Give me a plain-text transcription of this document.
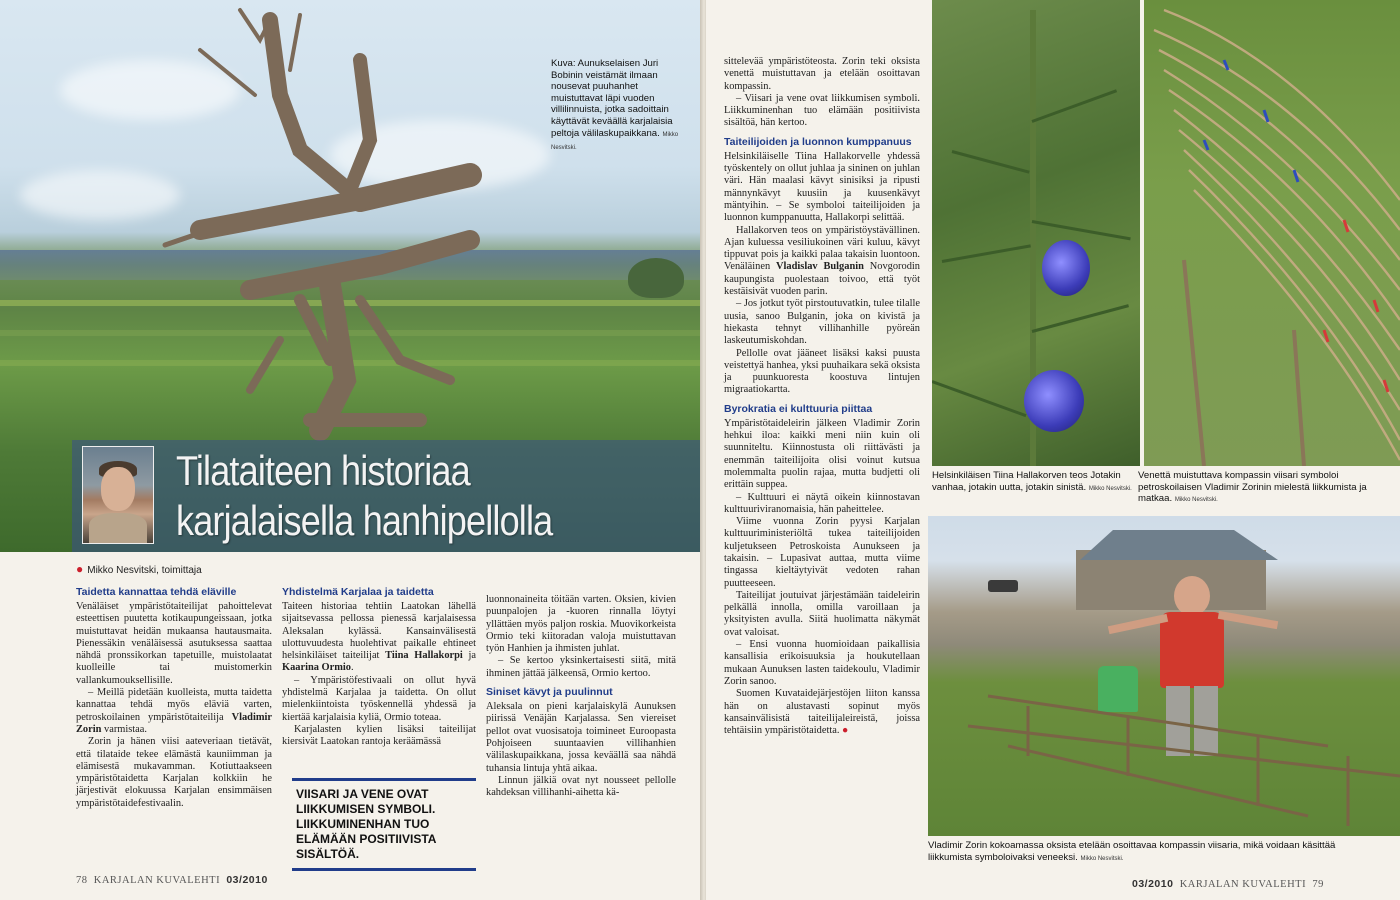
Kuva: Aunukselaisen Juri Bobinin veistämät ilmaan nousevat puuhanhet muistuttavat läpi vuoden villilinnuista, jotka sadoittain käyttävät keväällä karjalaisia peltoja välilaskupaikkana. Mikko Nesvitski.
Tilataiteen historiaa
karjalaisella hanhipellolla
● Mikko Nesvitski, toimittaja
Taidetta kannattaa tehdä eläville

Venäläiset ympäristötaiteilijat pahoittelevat esteettisen puutetta kotikaupungeissaan, jotka muistuttavat heidän mukaansa hautausmaita. Pienessäkin venäläisessä asutuksessa saattaa nähdä pronssikorkan tapetuille, muistolaatat kuolleille tai muistomerkin vallankumouksellisille.

– Meillä pidetään kuolleista, mutta taidetta kannattaa tehdä myös eläviä varten, petroskoilainen ympäristötaiteilija Vladimir Zorin varmistaa.

Zorin ja hänen viisi aateveriaan tietävät, että tilataide tekee elämästä kauniimman ja elämisestä mukavamman. Kotiuttaakseen ympäristötaidetta Karjalan kolkkiin he järjestivät elokuussa Karjalan ensimmäisen ympäristötaidefestivaalin.

Yhdistelmä Karjalaa ja taidetta

Taiteen historiaa tehtiin Laatokan lähellä sijaitsevassa pellossa pienessä karjalaisessa Aleksalan kylässä. Kansainvälisestä ulottuvuudesta huolehtivat paikalle ehtineet helsinkiläiset taiteilijat Tiina Hallakorpi ja Kaarina Ormio.

– Ympäristöfestivaali on ollut hyvä yhdistelmä Karjalaa ja taidetta. On ollut mielenkiintoista työskennellä yhdessä ja kiertää karjalaisia kyliä, Ormio toteaa.

Karjalasten kylien lisäksi taiteilijat kiersivät Laatokan rantoja keräämässä

VIISARI JA VENE OVAT LIIKKUMISEN SYMBOLI. LIIKKUMINENHAN TUO ELÄMÄÄN POSITIIVISTA SISÄLTÖÄ.

luonnonaineita töitään varten. Oksien, kivien puunpalojen ja -kuoren rinnalla löytyi yllättäen myös paljon roskia. Muovikorkeista Ormio teki kiitoradan valoja muistuttavan työn Hanhien ja ihmisten juhlat.

– Se kertoo yksinkertaisesti siitä, mitä ihminen jättää jälkeensä, Ormio kertoo.

Siniset kävyt ja puulinnut

Aleksala on pieni karjalaiskylä Aunuksen piirissä Venäjän Karjalassa. Sen viereiset pellot ovat vuosisatoja toimineet Euroopasta Pohjoiseen suuntaavien villihanhien välilaskupaikkana, jossa keväällä saa nähdä tuhansia lintuja yhtä aikaa.

Linnun jälkiä ovat nyt nousseet pellolle kahdeksan villihanhi-aihetta kä-

78 KARJALAN KUVALEHTI 03/2010

sittelevää ympäristöteosta. Zorin teki oksista venettä muistuttavan ja etelään osoittavan kompassin.

– Viisari ja vene ovat liikkumisen symboli. Liikkuminenhan tuo elämään positiivista sisältöä, hän kertoo.

Taiteilijoiden ja luonnon kumppanuus

Helsinkiläiselle Tiina Hallakorvelle yhdessä työskentely on ollut juhlaa ja sininen on juhlan väri. Hän maalasi kävyt sinisiksi ja ripusti männynkävyt kuusiin ja kuusenkävyt mäntyihin. – Se symboloi taiteilijoiden ja luonnon kumppanuutta, Hallakorpi selittää.

Hallakorven teos on ympäristöystävällinen. Ajan kuluessa vesiliukoinen väri kuluu, kävyt tippuvat pois ja kaikki palaa takaisin luontoon. Venäläinen Vladislav Bulganin Novgorodin kaupungista puolestaan toivoo, että työt kestäisivät vuoden parin.

– Jos jotkut työt pirstoutuvatkin, tulee tilalle uusia, sanoo Bulganin, joka on kivistä ja hiekasta tehnyt villihanhille pyöreän laskeutumiskohdan.

Pellolle ovat jääneet lisäksi kaksi puusta veistettyä hanhea, yksi puuhaikara sekä oksista ja puunkuoresta koostuva lintujen migraatiokartta.

Byrokratia ei kulttuuria piittaa

Ympäristötaideleirin jälkeen Vladimir Zorin hehkui iloa: kaikki meni niin kuin oli suunniteltu. Kiinnostusta oli riittävästi ja enemmän taiteilijoita olisi voinut kutsua molemmalta puolin rajaa, mutta budjetti oli erittäin suppea.

– Kulttuuri ei näytä oikein kiinnostavan kulttuuriviranomaisia, hän paheittelee.

Viime vuonna Zorin pyysi Karjalan kulttuuriministeriöltä tukea taiteilijoiden kuljetukseen Petroskoista Aunukseen ja takaisin. – Lupasivat auttaa, mutta viime tingassa kieltäytyivät vedoten rahan puutteeseen.

Taiteilijat joutuivat järjestämään taideleirin pelkällä innolla, omilla varoillaan ja yksityisten avulla. Siitä huolimatta näkymät ovat valoisat.

– Ensi vuonna huomioidaan paikallisia kansallisia erikoisuuksia ja houkutellaan mukaan Aunuksen lasten taidekoulu, Vladimir Zorin sanoo.

Suomen Kuvataidejärjestöjen liiton kanssa hän on alustavasti sopinut myös kansainvälisistä taiteilijaleireistä, joissa tehtäisiin ympäristötaidetta. ●

Helsinkiläisen Tiina Hallakorven teos Jotakin vanhaa, jotakin uutta, jotakin sinistä. Mikko Nesvitski.
Venettä muistuttava kompassin viisari symboloi petroskoilaisen Vladimir Zorinin mielestä liikkumista ja matkaa. Mikko Nesvitski.
Vladimir Zorin kokoamassa oksista etelään osoittavaa kompassin viisaria, mikä voidaan käsittää liikkumista symboloivaksi veneeksi. Mikko Nesvitski.
03/2010 KARJALAN KUVALEHTI 79
